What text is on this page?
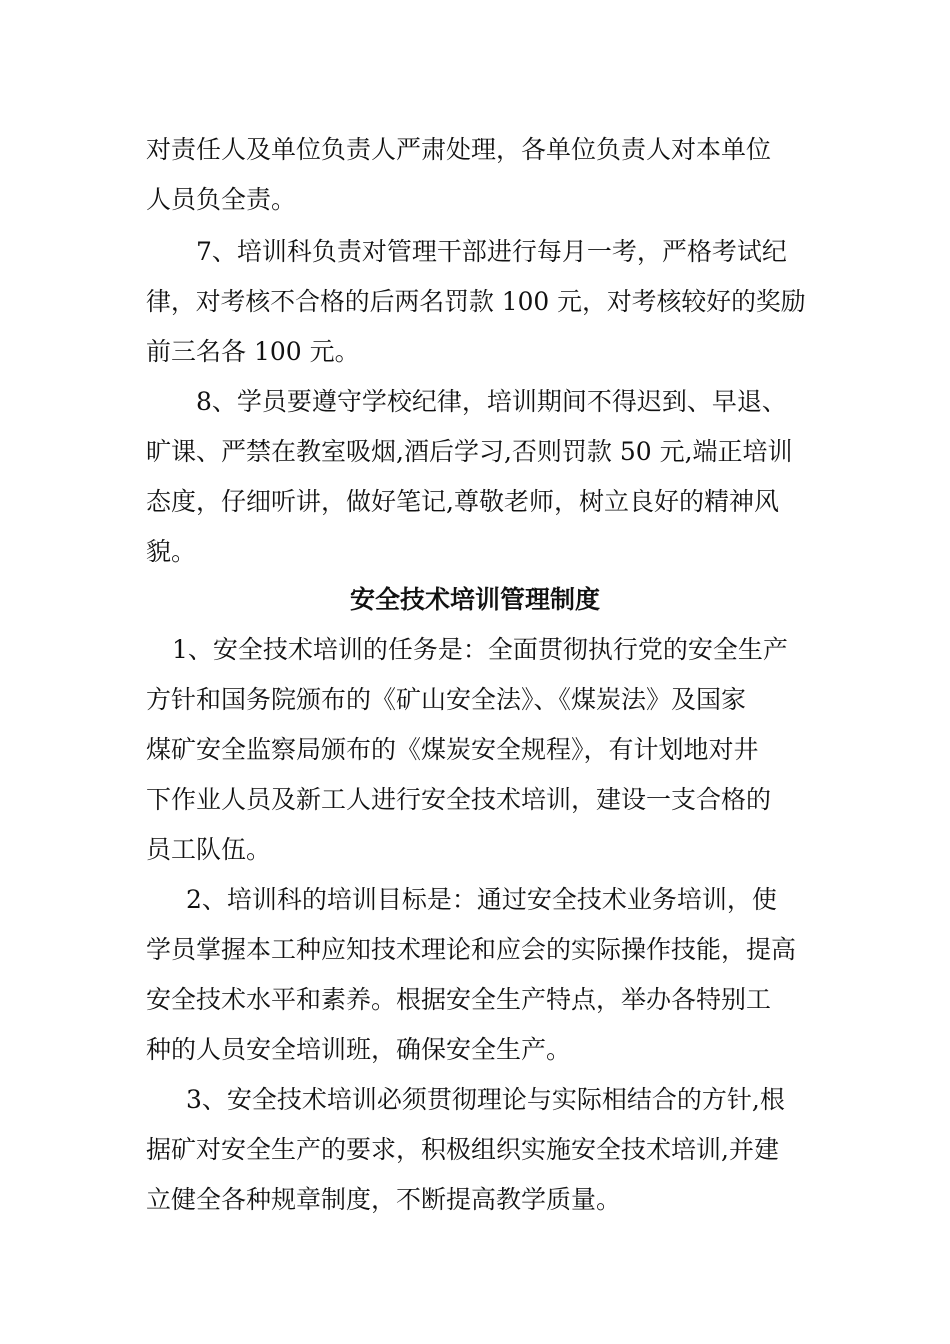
对责任人及单位负责人严肃处理，各单位负责人对本单位
人员负全责。
7、培训科负责对管理干部进行每月一考，严格考试纪
律，对考核不合格的后两名罚款 100 元，对考核较好的奖励
前三名各 100 元。
8、学员要遵守学校纪律，培训期间不得迟到、早退、
旷课、严禁在教室吸烟,酒后学习,否则罚款 50 元,端正培训
态度，仔细听讲，做好笔记,尊敬老师，树立良好的精神风
貌。
安全技术培训管理制度
1、安全技术培训的任务是：全面贯彻执行党的安全生产
方针和国务院颁布的《矿山安全法》、《煤炭法》及国家
煤矿安全监察局颁布的《煤炭安全规程》，有计划地对井
下作业人员及新工人进行安全技术培训，建设一支合格的
员工队伍。
2、培训科的培训目标是：通过安全技术业务培训，使
学员掌握本工种应知技术理论和应会的实际操作技能，提高
安全技术水平和素养。根据安全生产特点，举办各特别工
种的人员安全培训班，确保安全生产。
3、安全技术培训必须贯彻理论与实际相结合的方针,根
据矿对安全生产的要求，积极组织实施安全技术培训,并建
立健全各种规章制度，不断提高教学质量。
